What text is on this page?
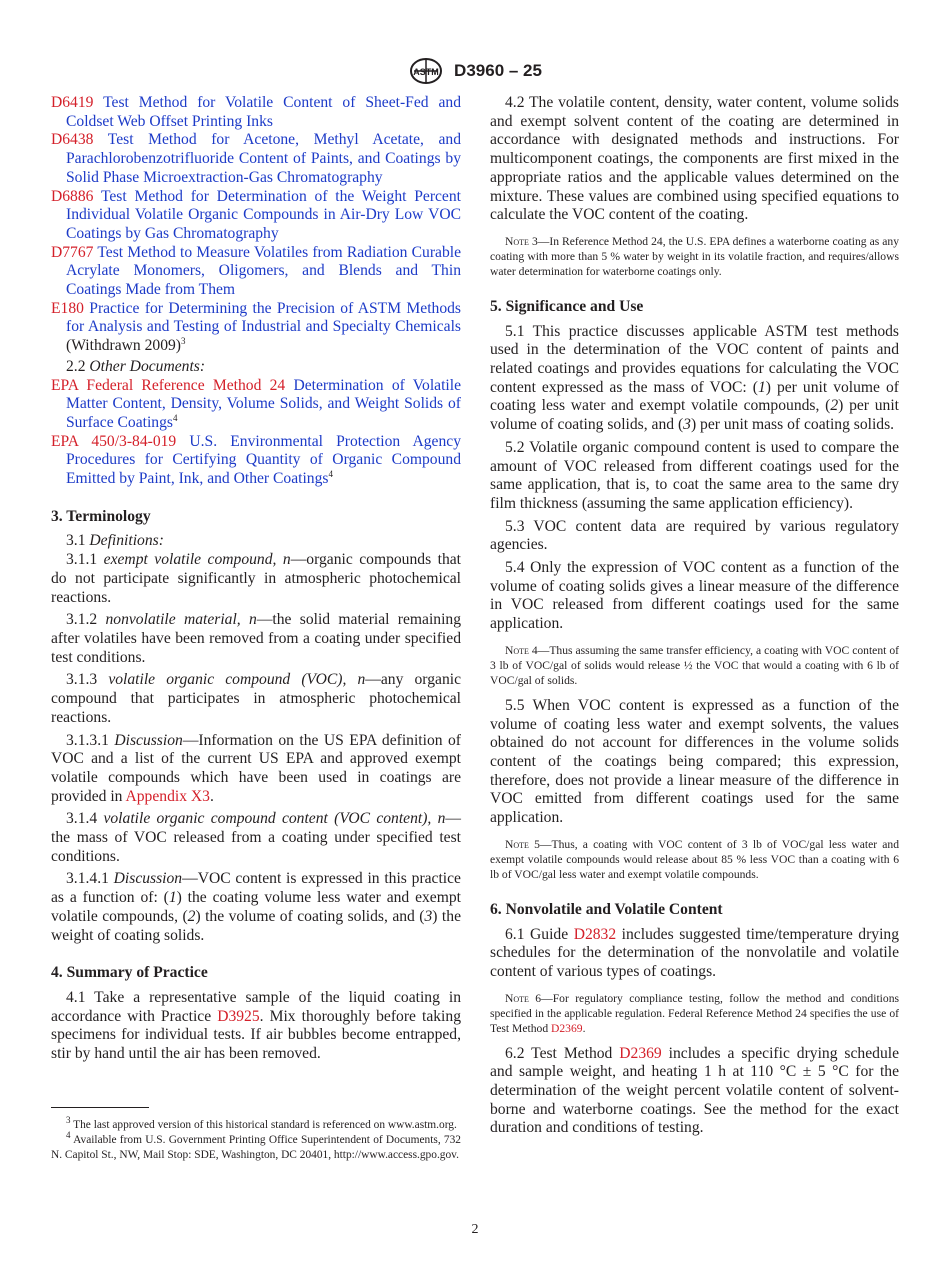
ASTM D3960 – 25

D6419 Test Method for Volatile Content of Sheet-Fed and Coldset Web Offset Printing Inks

D6438 Test Method for Acetone, Methyl Acetate, and Parachlorobenzotrifluoride Content of Paints, and Coatings by Solid Phase Microextraction-Gas Chromatography

D6886 Test Method for Determination of the Weight Percent Individual Volatile Organic Compounds in Air-Dry Low VOC Coatings by Gas Chromatography

D7767 Test Method to Measure Volatiles from Radiation Curable Acrylate Monomers, Oligomers, and Blends and Thin Coatings Made from Them

E180 Practice for Determining the Precision of ASTM Methods for Analysis and Testing of Industrial and Specialty Chemicals (Withdrawn 2009)$^3$

2.2 Other Documents:

EPA Federal Reference Method 24 Determination of Volatile Matter Content, Density, Volume Solids, and Weight Solids of Surface Coatings$^4$

EPA 450/3-84-019 U.S. Environmental Protection Agency Procedures for Certifying Quantity of Organic Compound Emitted by Paint, Ink, and Other Coatings$^4$

3. Terminology

3.1 Definitions:

3.1.1 exempt volatile compound, n—organic compounds that do not participate significantly in atmospheric photochemical reactions.

3.1.2 nonvolatile material, n—the solid material remaining after volatiles have been removed from a coating under specified test conditions.

3.1.3 volatile organic compound (VOC), n—any organic compound that participates in atmospheric photochemical reactions.

3.1.3.1 Discussion—Information on the US EPA definition of VOC and a list of the current US EPA and approved exempt volatile compounds which have been used in coatings are provided in Appendix X3.

3.1.4 volatile organic compound content (VOC content), n—the mass of VOC released from a coating under specified test conditions.

3.1.4.1 Discussion—VOC content is expressed in this practice as a function of: (1) the coating volume less water and exempt volatile compounds, (2) the volume of coating solids, and (3) the weight of coating solids.

4. Summary of Practice

4.1 Take a representative sample of the liquid coating in accordance with Practice D3925. Mix thoroughly before taking specimens for individual tests. If air bubbles become entrapped, stir by hand until the air has been removed.

$^3$ The last approved version of this historical standard is referenced on www.astm.org.

$^4$ Available from U.S. Government Printing Office Superintendent of Documents, 732 N. Capitol St., NW, Mail Stop: SDE, Washington, DC 20401, http://www.access.gpo.gov.

4.2 The volatile content, density, water content, volume solids and exempt solvent content of the coating are determined in accordance with designated methods and instructions. For multicomponent coatings, the components are first mixed in the appropriate ratios and the applicable values determined on the mixture. These values are combined using specified equations to calculate the VOC content of the coating.

Note 3—In Reference Method 24, the U.S. EPA defines a waterborne coating as any coating with more than 5 % water by weight in its volatile fraction, and requires/allows water determination for waterborne coatings only.

5. Significance and Use

5.1 This practice discusses applicable ASTM test methods used in the determination of the VOC content of paints and related coatings and provides equations for calculating the VOC content expressed as the mass of VOC: (1) per unit volume of coating less water and exempt volatile compounds, (2) per unit volume of coating solids, and (3) per unit mass of coating solids.

5.2 Volatile organic compound content is used to compare the amount of VOC released from different coatings used for the same application, that is, to coat the same area to the same dry film thickness (assuming the same application efficiency).

5.3 VOC content data are required by various regulatory agencies.

5.4 Only the expression of VOC content as a function of the volume of coating solids gives a linear measure of the difference in VOC released from different coatings used for the same application.

Note 4—Thus assuming the same transfer efficiency, a coating with VOC content of 3 lb of VOC/gal of solids would release ½ the VOC that would a coating with 6 lb of VOC/gal of solids.

5.5 When VOC content is expressed as a function of the volume of coating less water and exempt solvents, the values obtained do not account for differences in the volume solids content of the coatings being compared; this expression, therefore, does not provide a linear measure of the difference in VOC emitted from different coatings used for the same application.

Note 5—Thus, a coating with VOC content of 3 lb of VOC/gal less water and exempt volatile compounds would release about 85 % less VOC than a coating with 6 lb of VOC/gal less water and exempt volatile compounds.

6. Nonvolatile and Volatile Content

6.1 Guide D2832 includes suggested time/temperature drying schedules for the determination of the nonvolatile and volatile content of various types of coatings.

Note 6—For regulatory compliance testing, follow the method and conditions specified in the applicable regulation. Federal Reference Method 24 specifies the use of Test Method D2369.

6.2 Test Method D2369 includes a specific drying schedule and sample weight, and heating 1 h at 110 °C ± 5 °C for the determination of the weight percent volatile content of solvent-borne and waterborne coatings. See the method for the exact duration and conditions of testing.

2
